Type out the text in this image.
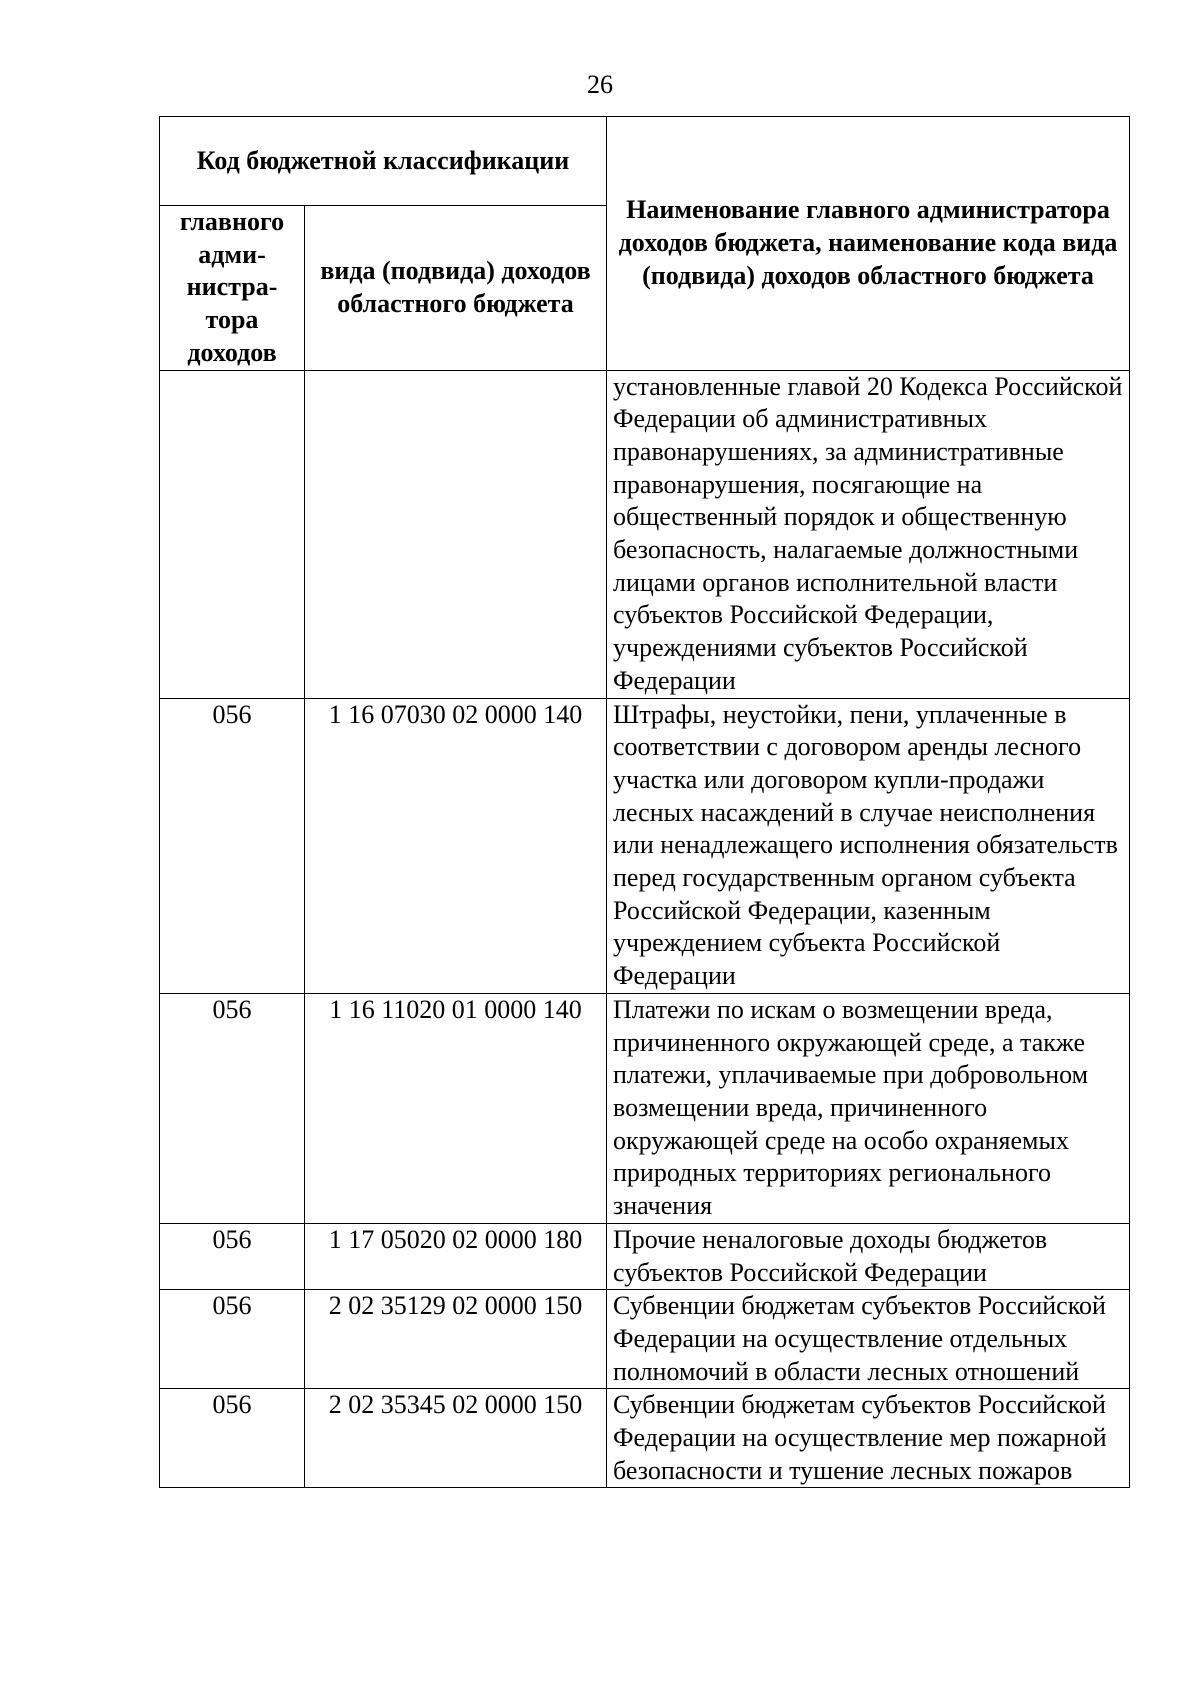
26
Код бюджетной классификации		Наименование главного администратора доходов бюджета, наименование кода вида (подвида) доходов областного бюджета
главного адми-нистра-тора доходов	вида (подвида) доходов областного бюджета	
		установленные главой 20 Кодекса Российской Федерации об административных правонарушениях, за административные правонарушения, посягающие на общественный порядок и общественную безопасность, налагаемые должностными лицами органов исполнительной власти субъектов Российской Федерации, учреждениями субъектов Российской Федерации
056	1 16 07030 02 0000 140	Штрафы, неустойки, пени, уплаченные в соответствии с договором аренды лесного участка или договором купли-продажи лесных насаждений в случае неисполнения или ненадлежащего исполнения обязательств перед государственным органом субъекта Российской Федерации, казенным учреждением субъекта Российской Федерации
056	1 16 11020 01 0000 140	Платежи по искам о возмещении вреда, причиненного окружающей среде, а также платежи, уплачиваемые при добровольном возмещении вреда, причиненного окружающей среде на особо охраняемых природных территориях регионального значения
056	1 17 05020 02 0000 180	Прочие неналоговые доходы бюджетов субъектов Российской Федерации
056	2 02 35129 02 0000 150	Субвенции бюджетам субъектов Российской Федерации на осуществление отдельных полномочий в области лесных отношений
056	2 02 35345 02 0000 150	Субвенции бюджетам субъектов Российской Федерации на осуществление мер пожарной безопасности и тушение лесных пожаров
